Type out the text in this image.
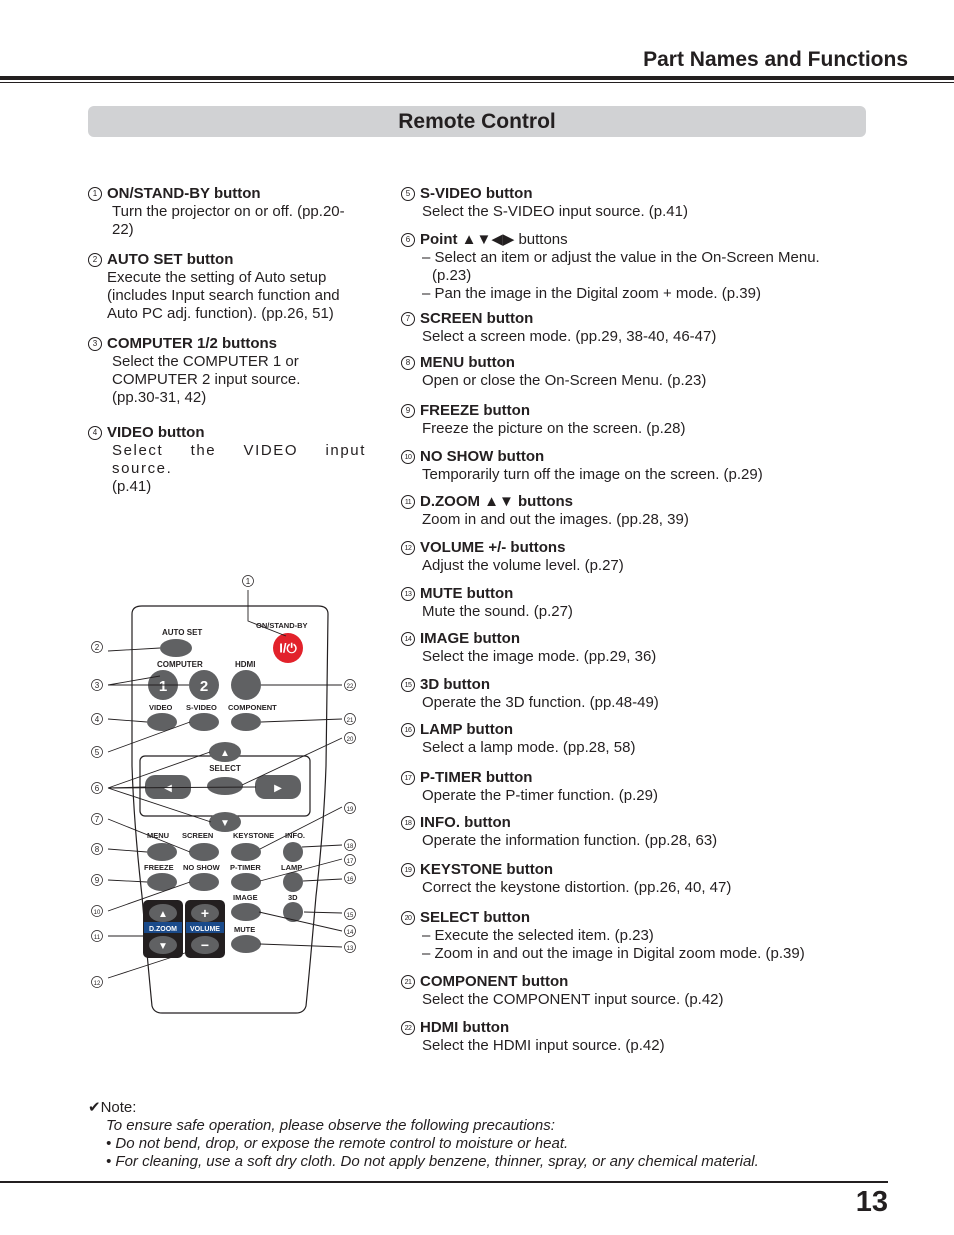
Part Names and Functions
Remote Control
1 ON/STAND-BY button
Turn the projector on or off. (pp.20-
22)
2 AUTO SET button
Execute the setting of Auto setup
(includes Input search function and
Auto PC adj. function). (pp.26, 51)
3 COMPUTER 1/2 buttons
Select the COMPUTER 1 or
COMPUTER 2 input source.
(pp.30-31, 42)
4 VIDEO button
Select the VIDEO input source.
(p.41)
5 S-VIDEO button
Select the S-VIDEO input source. (p.41)
6 Point ▲▼◀▶ buttons
– Select an item or adjust the value in the On-Screen Menu.
(p.23)
– Pan the image in the Digital zoom + mode. (p.39)
7 SCREEN button
Select a screen mode. (pp.29, 38-40, 46-47)
8 MENU button
Open or close the On-Screen Menu. (p.23)
9 FREEZE button
Freeze the picture on the screen. (p.28)
10 NO SHOW button
Temporarily turn off the image on the screen. (p.29)
11 D.ZOOM ▲▼ buttons
Zoom in and out the images. (pp.28, 39)
12 VOLUME +/- buttons
Adjust the volume level. (p.27)
13 MUTE button
Mute the sound. (p.27)
14 IMAGE button
Select the image mode. (pp.29, 36)
15 3D button
Operate the 3D function. (pp.48-49)
16 LAMP button
Select a lamp mode. (pp.28, 58)
17 P-TIMER button
Operate the P-timer function. (p.29)
18 INFO. button
Operate the information function. (pp.28, 63)
19 KEYSTONE button
Correct the keystone distortion. (pp.26, 40, 47)
20 SELECT button
– Execute the selected item. (p.23)
– Zoom in and out the image in Digital zoom mode. (p.39)
21 COMPONENT button
Select the COMPONENT input source. (p.42)
22 HDMI button
Select the HDMI input source. (p.42)
AUTO SET
ON/STAND-BY
I/⏻
COMPUTER	HDMI
1 2
VIDEO S-VIDEO COMPONENT
▲
SELECT
◀	▶
▼
MENU SCREEN	KEYSTONE INFO.
FREEZE NO SHOW P-TIMER	LAMP
▲
D.ZOOM
▼
+
VOLUME
−
IMAGE	3D
MUTE
1
2
3
4
5
6
7
8
9
10
11
12
13
14
15
16
17
18
19
20
21
22
✔Note:
To ensure safe operation, please observe the following precautions:
• Do not bend, drop, or expose the remote control to moisture or heat.
• For cleaning, use a soft dry cloth. Do not apply benzene, thinner, spray, or any chemical material.
13
